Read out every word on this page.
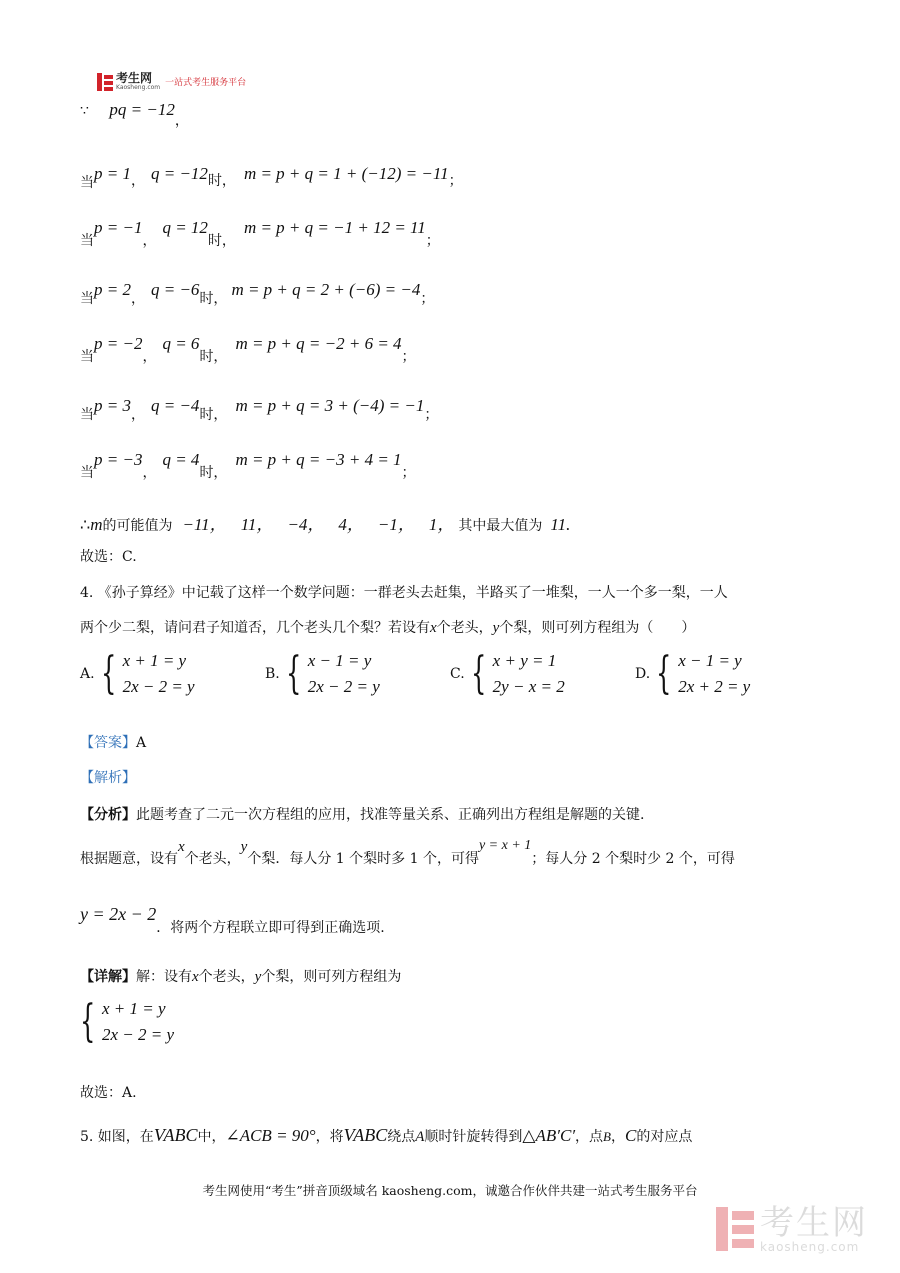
考生网
Kaosheng.com 一站式考生服务平台
∵ pq = −12，
当p = 1， q = −12时， m = p + q = 1 + (−12) = −11；
当p = −1，q = 12时，m = p + q = −1 + 12 = 11；
当p = 2， q = −6时， m = p + q = 2 + (−6) = −4；
当p = −2，q = 6时，m = p + q = −2 + 6 = 4；
当p = 3， q = −4时， m = p + q = 3 + (−4) = −1；
当p = −3，q = 4时，m = p + q = −3 + 4 = 1；
∴m的可能值为 −11， 11， −4， 4， −1， 1， 其中最大值为 11.
故选：C.
4. 《孙子算经》中记载了这样一个数学问题：一群老头去赶集，半路买了一堆梨，一人一个多一梨，一人
两个少二梨，请问君子知道否，几个老头几个梨？若设有x个老头，y个梨，则可列方程组为（　　）
A. { x + 1 = y
2x − 2 = y
B. { x − 1 = y
2x − 2 = y
C. { x + y = 1
2y − x = 2
D. { x − 1 = y
2x + 2 = y
【答案】A
【解析】
【分析】此题考查了二元一次方程组的应用，找准等量关系、正确列出方程组是解题的关键.
根据题意，设有x个老头，y个梨．每人分 1 个梨时多 1 个，可得y = x + 1；每人分 2 个梨时少 2 个，可得
y = 2x − 2．将两个方程联立即可得到正确选项.
【详解】解：设有x个老头，y个梨，则可列方程组为
{ x + 1 = y
2x − 2 = y
故选：A.
5. 如图，在VABC中，∠ACB = 90°，将VABC绕点A顺时针旋转得到△AB′C′，点B，C的对应点
考生网使用“考生”拼音顶级域名 kaosheng.com，诚邀合作伙伴共建一站式考生服务平台
考生网
kaosheng.com
